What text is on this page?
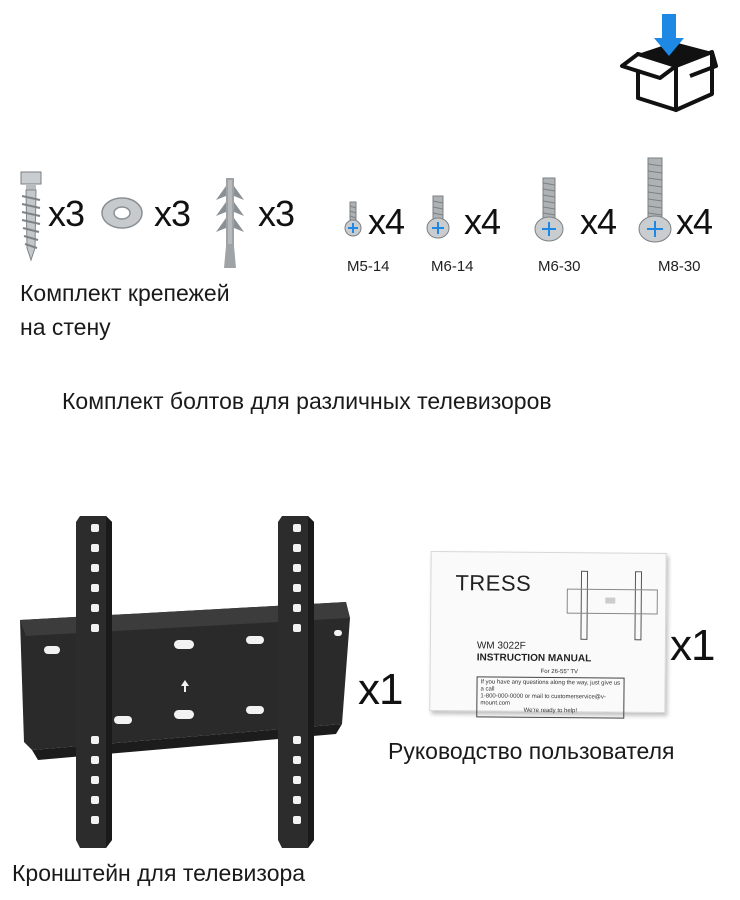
x3 x3 x3 x4
M5-14
x4
M6-14
x4
M6-30
x4
M8-30
Комплект крепежей
на стену
Комплект болтов для различных телевизоров
x1
Кронштейн для телевизора
TRESS
WM 3022F
INSTRUCTION MANUAL
For 26-55" TV
If you have any questions along the way, just give us a call
1-800-000-0000 or mail to customerservice@v-mount.com
We're ready to help!
x1
Руководство пользователя
